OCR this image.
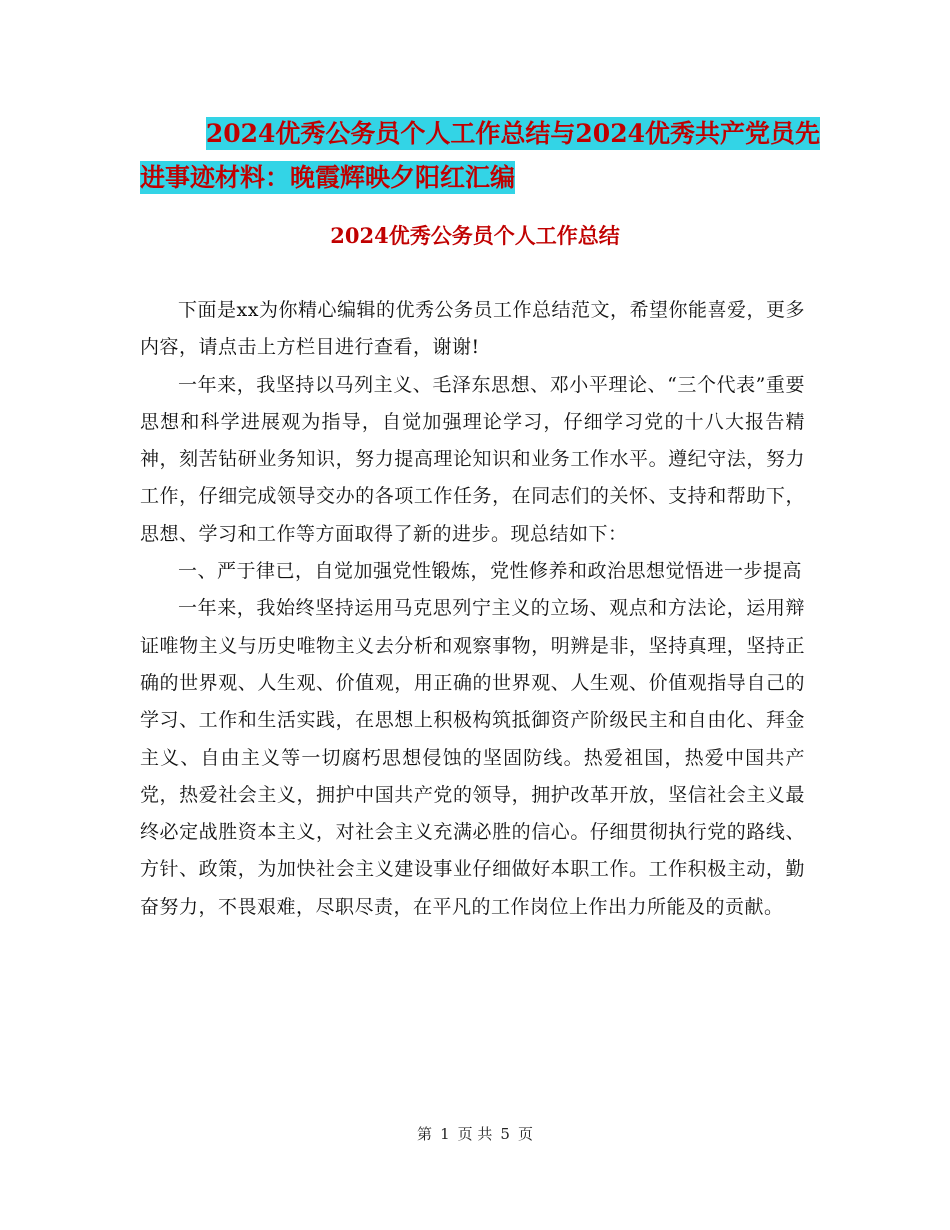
2024优秀公务员个人工作总结与2024优秀共产党员先
进事迹材料：晚霞辉映夕阳红汇编
2024优秀公务员个人工作总结

下面是xx为你精心编辑的优秀公务员工作总结范文，希望你能喜爱，更多内容，请点击上方栏目进行查看，谢谢!

一年来，我坚持以马列主义、毛泽东思想、邓小平理论、“三个代表”重要思想和科学进展观为指导，自觉加强理论学习，仔细学习党的十八大报告精神，刻苦钻研业务知识，努力提高理论知识和业务工作水平。遵纪守法，努力工作，仔细完成领导交办的各项工作任务，在同志们的关怀、支持和帮助下，思想、学习和工作等方面取得了新的进步。现总结如下：

一、严于律已，自觉加强党性锻炼，党性修养和政治思想觉悟进一步提高

一年来，我始终坚持运用马克思列宁主义的立场、观点和方法论，运用辩证唯物主义与历史唯物主义去分析和观察事物，明辨是非，坚持真理，坚持正确的世界观、人生观、价值观，用正确的世界观、人生观、价值观指导自己的学习、工作和生活实践，在思想上积极构筑抵御资产阶级民主和自由化、拜金主义、自由主义等一切腐朽思想侵蚀的坚固防线。热爱祖国，热爱中国共产党，热爱社会主义，拥护中国共产党的领导，拥护改革开放，坚信社会主义最终必定战胜资本主义，对社会主义充满必胜的信心。仔细贯彻执行党的路线、方针、政策，为加快社会主义建设事业仔细做好本职工作。工作积极主动，勤奋努力，不畏艰难，尽职尽责，在平凡的工作岗位上作出力所能及的贡献。

第 1 页 共 5 页
